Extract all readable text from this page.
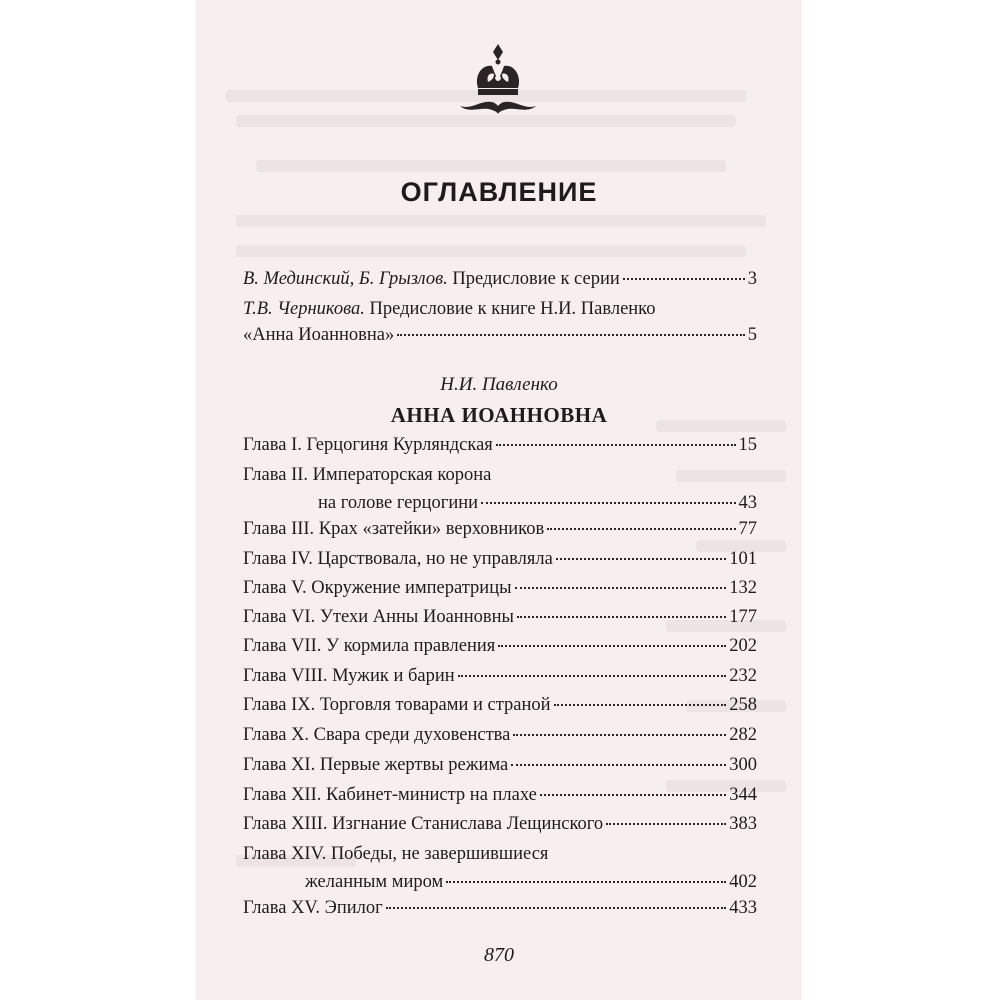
ОГЛАВЛЕНИЕ
В. Мединский, Б. Грызлов. Предисловие к серии	3
Т.В. Черникова. Предисловие к книге Н.И. Павленко
«Анна Иоанновна»	5
Н.И. Павленко
АННА ИОАННОВНА
Глава I. Герцогиня Курляндская	15
Глава II. Императорская корона
на голове герцогини	43
Глава III. Крах «затейки» верховников	77
Глава IV. Царствовала, но не управляла	101
Глава V. Окружение императрицы	132
Глава VI. Утехи Анны Иоанновны	177
Глава VII. У кормила правления	202
Глава VIII. Мужик и барин	232
Глава IX. Торговля товарами и страной	258
Глава X. Свара среди духовенства	282
Глава XI. Первые жертвы режима	300
Глава XII. Кабинет-министр на плахе	344
Глава XIII. Изгнание Станислава Лещинского	383
Глава XIV. Победы, не завершившиеся
желанным миром	402
Глава XV. Эпилог	433
870
